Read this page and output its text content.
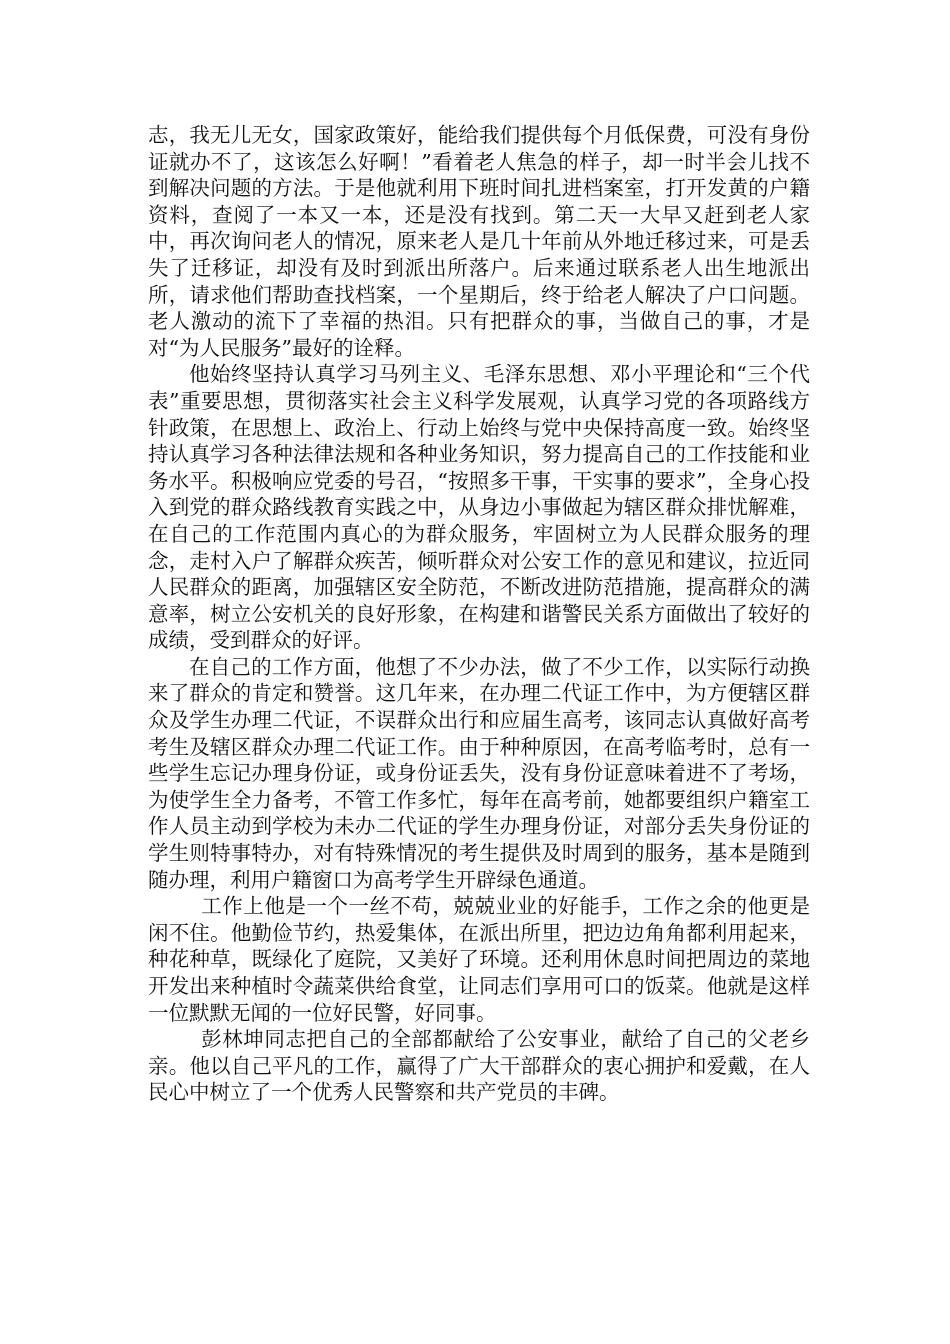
志，我无儿无女，国家政策好，能给我们提供每个月低保费，可没有身份证就办不了，这该怎么好啊！”看着老人焦急的样子，却一时半会儿找不到解决问题的方法。于是他就利用下班时间扎进档案室，打开发黄的户籍资料，查阅了一本又一本，还是没有找到。第二天一大早又赶到老人家中，再次询问老人的情况，原来老人是几十年前从外地迁移过来，可是丢失了迁移证，却没有及时到派出所落户。后来通过联系老人出生地派出所，请求他们帮助查找档案，一个星期后，终于给老人解决了户口问题。老人激动的流下了幸福的热泪。只有把群众的事，当做自己的事，才是对“为人民服务”最好的诠释。

他始终坚持认真学习马列主义、毛泽东思想、邓小平理论和“三个代表”重要思想，贯彻落实社会主义科学发展观，认真学习党的各项路线方针政策，在思想上、政治上、行动上始终与党中央保持高度一致。始终坚持认真学习各种法律法规和各种业务知识，努力提高自己的工作技能和业务水平。积极响应党委的号召，“按照多干事，干实事的要求”，全身心投入到党的群众路线教育实践之中，从身边小事做起为辖区群众排忧解难，在自己的工作范围内真心的为群众服务，牢固树立为人民群众服务的理念，走村入户了解群众疾苦，倾听群众对公安工作的意见和建议，拉近同人民群众的距离，加强辖区安全防范，不断改进防范措施，提高群众的满意率，树立公安机关的良好形象，在构建和谐警民关系方面做出了较好的成绩，受到群众的好评。

在自己的工作方面，他想了不少办法，做了不少工作，以实际行动换来了群众的肯定和赞誉。这几年来，在办理二代证工作中，为方便辖区群众及学生办理二代证，不误群众出行和应届生高考，该同志认真做好高考考生及辖区群众办理二代证工作。由于种种原因，在高考临考时，总有一些学生忘记办理身份证，或身份证丢失，没有身份证意味着进不了考场，为使学生全力备考，不管工作多忙，每年在高考前，她都要组织户籍室工作人员主动到学校为未办二代证的学生办理身份证，对部分丢失身份证的学生则特事特办，对有特殊情况的考生提供及时周到的服务，基本是随到随办理，利用户籍窗口为高考学生开辟绿色通道。

工作上他是一个一丝不苟，兢兢业业的好能手，工作之余的他更是闲不住。他勤俭节约，热爱集体，在派出所里，把边边角角都利用起来，种花种草，既绿化了庭院，又美好了环境。还利用休息时间把周边的菜地开发出来种植时令蔬菜供给食堂，让同志们享用可口的饭菜。他就是这样一位默默无闻的一位好民警，好同事。

彭林坤同志把自己的全部都献给了公安事业，献给了自己的父老乡亲。他以自己平凡的工作，赢得了广大干部群众的衷心拥护和爱戴，在人民心中树立了一个优秀人民警察和共产党员的丰碑。
